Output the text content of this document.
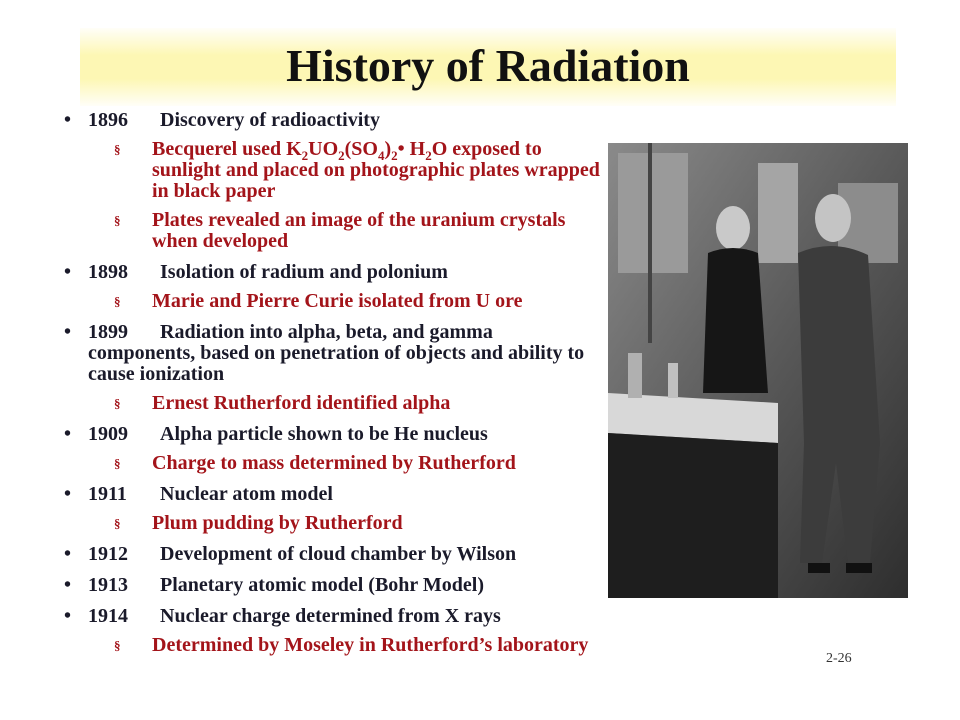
History of Radiation
• 1896 Discovery of radioactivity
§ Becquerel used $K_2UO_2(SO_4)_2•$ $H_2O$ exposed to sunlight and placed on photographic plates wrapped in black paper
§ Plates revealed an image of the uranium crystals when developed
• 1898 Isolation of radium and polonium
§ Marie and Pierre Curie isolated from U ore
• 1899 Radiation into alpha, beta, and gamma components, based on penetration of objects and ability to cause ionization
§ Ernest Rutherford identified alpha
• 1909 Alpha particle shown to be He nucleus
§ Charge to mass determined by Rutherford
• 1911 Nuclear atom model
§ Plum pudding by Rutherford
• 1912 Development of cloud chamber by Wilson
• 1913 Planetary atomic model (Bohr Model)
• 1914 Nuclear charge determined from X rays
§ Determined by Moseley in Rutherford’s laboratory
2-26
